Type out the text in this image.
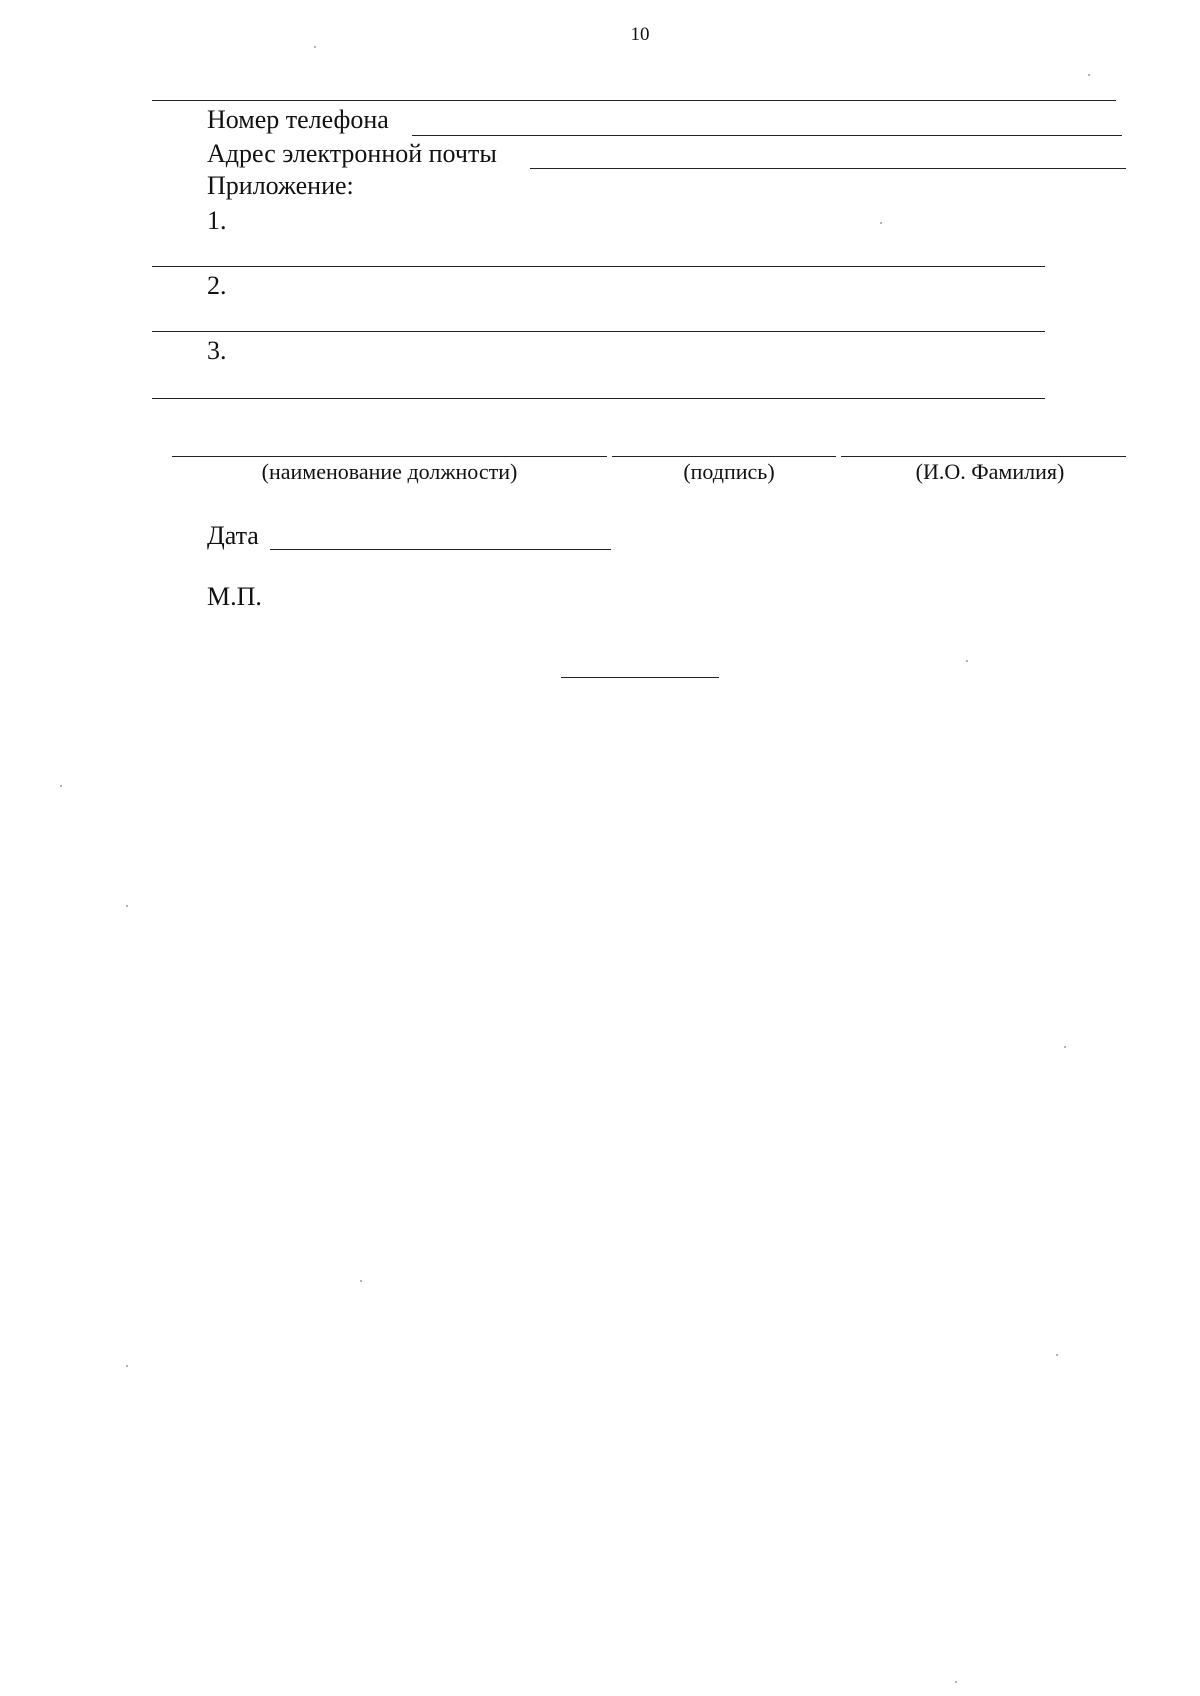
10
Номер телефона
Адрес электронной почты
Приложение:
1.
2.
3.
(наименование должности)	(подпись)	(И.О. Фамилия)
Дата
М.П.
